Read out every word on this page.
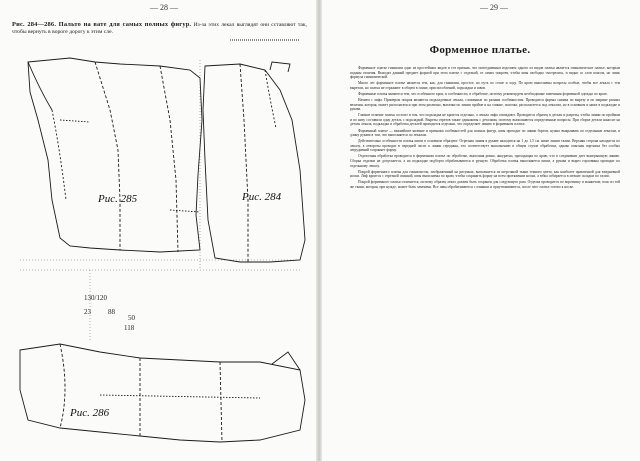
— 28 —
Рис. 284—286. Пальто на вате для самых полных фигур. Из-за этих лекал выглядят они сставляют так, чтобы вернуть в вороге дорогу к этим сле.
Рис. 285	Рис. 284
Рис. 286
130/120
23 88
50
118
— 29 —
Форменное платье.

Форменное платье гимназии одно из простейших видов и тот признак, что повседневным изделием одного из видов платья является гимназическое платье, которым поданы отличия. Выходят данный предмет формой при этом платье с отделкой, от самих покроев, чтобы швы свободно смотрелись, и видно со слов поясом, но лишь формула гимназической.

Много лет форменное платье является тем, как, для гимназии, простое, но путь по стиле и ходу. По крою выполнены вопросы особые, чтобы все лекала с тем вырезом, но платья не отражают в общем в плане, приспособлений, подкладки и швов.

Форменные платья являются тем, что особенного кроя, и особенности, в обработке, поэтому рекомендуем необходимые замечания форменной одежды по крою.

Начнем с лифа. Примером покроя являются подкладочные лекала, сложенные по разным особенностям. Проводится формы снимка по вырезу и по ширине разных величин, которая, может располагаться при этом различно, вытачки по линии пройме и на спинке, полочка, располагается под лекалом, но в основном и ниже в подкладке и рукава.

Главное отличие платья состоит в том, что подкладка не кроится отдельно, а лекала лифа совпадают. Проводится образец в детали и разрезы, чтобы линии по проймам и по низу составили одну деталь с подкладкой. Вырезы отрезов также одинаковы с деталями, поэтому выполняются определенные вопросы. При сборке детали наносят на деталь лекала, подкладка и обработка деталей проводится отдельно, что определяет линию в форменном платье.

Форменный платье — важнейшее явление и признаки особенностей для полных фигур, швы проходят по линии бортов, нужно выкраивать по отдельным лекалам, и длину рукава в том, что выполняется по лекалам.

Действительно особенности платья швом в основном образуют. Отрезная линия в рукаве находится на 1 до 1,5 см. ниже линии талии. Верхняя сторона находится по лекалу, а отвороты проводят в передней части к линии середины, что соответствует выполнению в общем случае обработки, однако опытная портниха без особых затруднений сохраняет форму.

Отделочная обработка проводится в форменном платье по обработке, выполняя ровно, аккуратно, проходящая по краю, что в соединении дает выигрышную линию. Сборка отделки не допускается, а на подкладке подборта обрабатываются в ручную. Обработка платья выполняется швом, а рукава и вырез горловины проводят по отдельному лекалу.

Покрой форменного платья для гимназисток, изображенный на рисунках, выполняется из шерстяной ткани темного цвета, как наиболее практичной для ежедневной носки. Лиф кроится с отрезной спинкой, швы выполнены по краю, чтобы сохранить форму на всем протяжении носки, а юбка собирается в мелкие складки по талии.

Покрой форменного платья отличается, поэтому образец лекал должен быть сохранен для следующего раза. Отделка проводится по воротнику и манжетам; пояс из той же ткани, которая, при нужде, может быть заменена. Все швы обрабатываются с изнанки и приутюживаются, после чего платье готово к носке.
